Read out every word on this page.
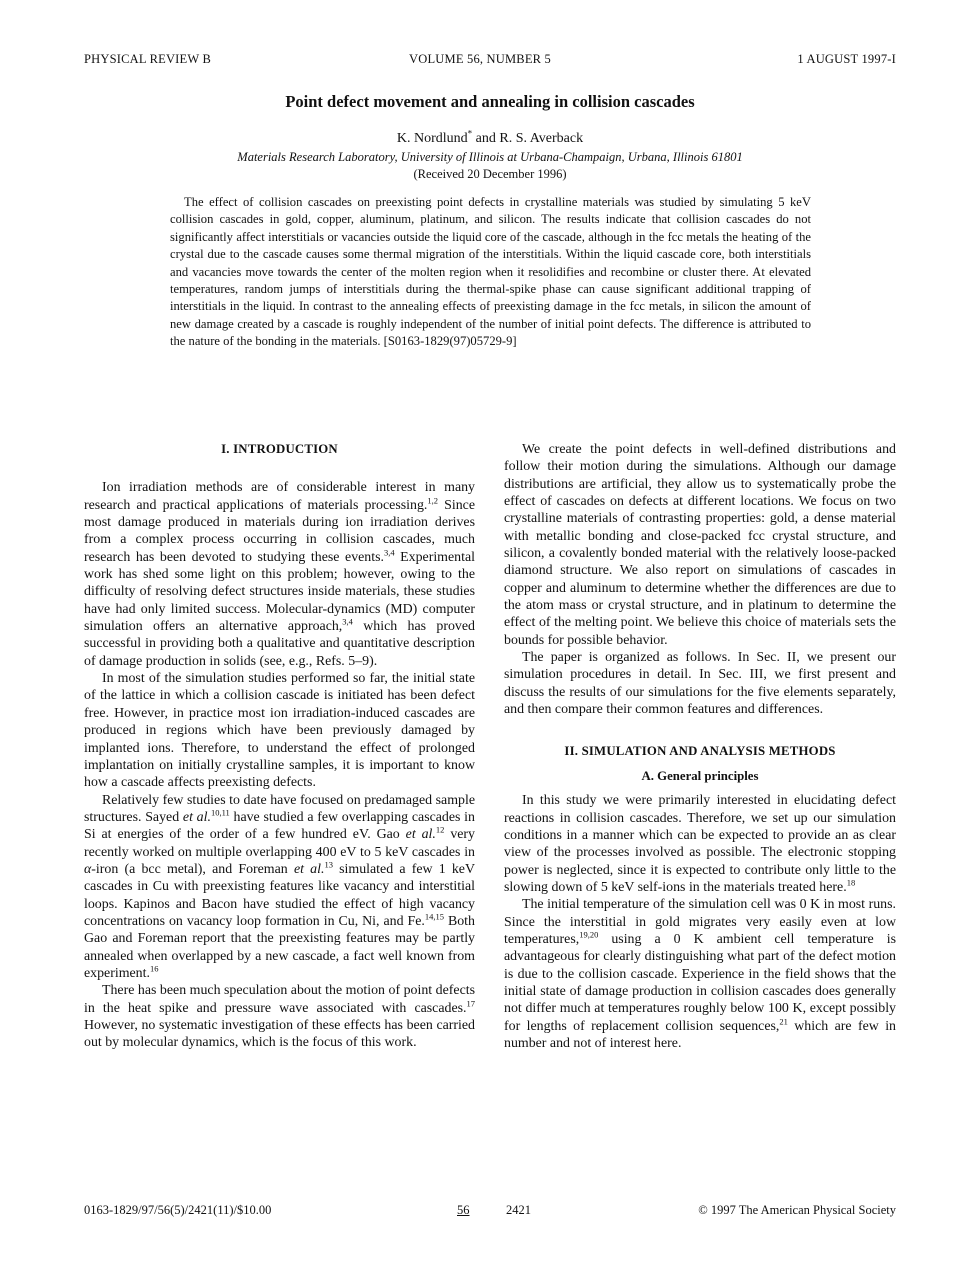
PHYSICAL REVIEW B	VOLUME 56, NUMBER 5	1 AUGUST 1997-I
Point defect movement and annealing in collision cascades
K. Nordlund* and R. S. Averback
Materials Research Laboratory, University of Illinois at Urbana-Champaign, Urbana, Illinois 61801
(Received 20 December 1996)
The effect of collision cascades on preexisting point defects in crystalline materials was studied by simulating 5 keV collision cascades in gold, copper, aluminum, platinum, and silicon. The results indicate that collision cascades do not significantly affect interstitials or vacancies outside the liquid core of the cascade, although in the fcc metals the heating of the crystal due to the cascade causes some thermal migration of the interstitials. Within the liquid cascade core, both interstitials and vacancies move towards the center of the molten region when it resolidifies and recombine or cluster there. At elevated temperatures, random jumps of interstitials during the thermal-spike phase can cause significant additional trapping of interstitials in the liquid. In contrast to the annealing effects of preexisting damage in the fcc metals, in silicon the amount of new damage created by a cascade is roughly independent of the number of initial point defects. The difference is attributed to the nature of the bonding in the materials. [S0163-1829(97)05729-9]
I. INTRODUCTION

Ion irradiation methods are of considerable interest in many research and practical applications of materials processing.$^{1,2}$ Since most damage produced in materials during ion irradiation derives from a complex process occurring in collision cascades, much research has been devoted to studying these events.$^{3,4}$ Experimental work has shed some light on this problem; however, owing to the difficulty of resolving defect structures inside materials, these studies have had only limited success. Molecular-dynamics (MD) computer simulation offers an alternative approach,$^{3,4}$ which has proved successful in providing both a qualitative and quantitative description of damage production in solids (see, e.g., Refs. 5–9).

In most of the simulation studies performed so far, the initial state of the lattice in which a collision cascade is initiated has been defect free. However, in practice most ion irradiation-induced cascades are produced in regions which have been previously damaged by implanted ions. Therefore, to understand the effect of prolonged implantation on initially crystalline samples, it is important to know how a cascade affects preexisting defects.

Relatively few studies to date have focused on predamaged sample structures. Sayed et al.$^{10,11}$ have studied a few overlapping cascades in Si at energies of the order of a few hundred eV. Gao et al.$^{12}$ very recently worked on multiple overlapping 400 eV to 5 keV cascades in α-iron (a bcc metal), and Foreman et al.$^{13}$ simulated a few 1 keV cascades in Cu with preexisting features like vacancy and interstitial loops. Kapinos and Bacon have studied the effect of high vacancy concentrations on vacancy loop formation in Cu, Ni, and Fe.$^{14,15}$ Both Gao and Foreman report that the preexisting features may be partly annealed when overlapped by a new cascade, a fact well known from experiment.$^{16}$

There has been much speculation about the motion of point defects in the heat spike and pressure wave associated with cascades.$^{17}$ However, no systematic investigation of these effects has been carried out by molecular dynamics, which is the focus of this work.

We create the point defects in well-defined distributions and follow their motion during the simulations. Although our damage distributions are artificial, they allow us to systematically probe the effect of cascades on defects at different locations. We focus on two crystalline materials of contrasting properties: gold, a dense material with metallic bonding and close-packed fcc crystal structure, and silicon, a covalently bonded material with the relatively loose-packed diamond structure. We also report on simulations of cascades in copper and aluminum to determine whether the differences are due to the atom mass or crystal structure, and in platinum to determine the effect of the melting point. We believe this choice of materials sets the bounds for possible behavior.

The paper is organized as follows. In Sec. II, we present our simulation procedures in detail. In Sec. III, we first present and discuss the results of our simulations for the five elements separately, and then compare their common features and differences.

II. SIMULATION AND ANALYSIS METHODS
A. General principles

In this study we were primarily interested in elucidating defect reactions in collision cascades. Therefore, we set up our simulation conditions in a manner which can be expected to provide an as clear view of the processes involved as possible. The electronic stopping power is neglected, since it is expected to contribute only little to the slowing down of 5 keV self-ions in the materials treated here.$^{18}$

The initial temperature of the simulation cell was 0 K in most runs. Since the interstitial in gold migrates very easily even at low temperatures,$^{19,20}$ using a 0 K ambient cell temperature is advantageous for clearly distinguishing what part of the defect motion is due to the collision cascade. Experience in the field shows that the initial state of damage production in collision cascades does generally not differ much at temperatures roughly below 100 K, except possibly for lengths of replacement collision sequences,$^{21}$ which are few in number and not of interest here.

0163-1829/97/56(5)/2421(11)/$10.00	56	2421	© 1997 The American Physical Society
